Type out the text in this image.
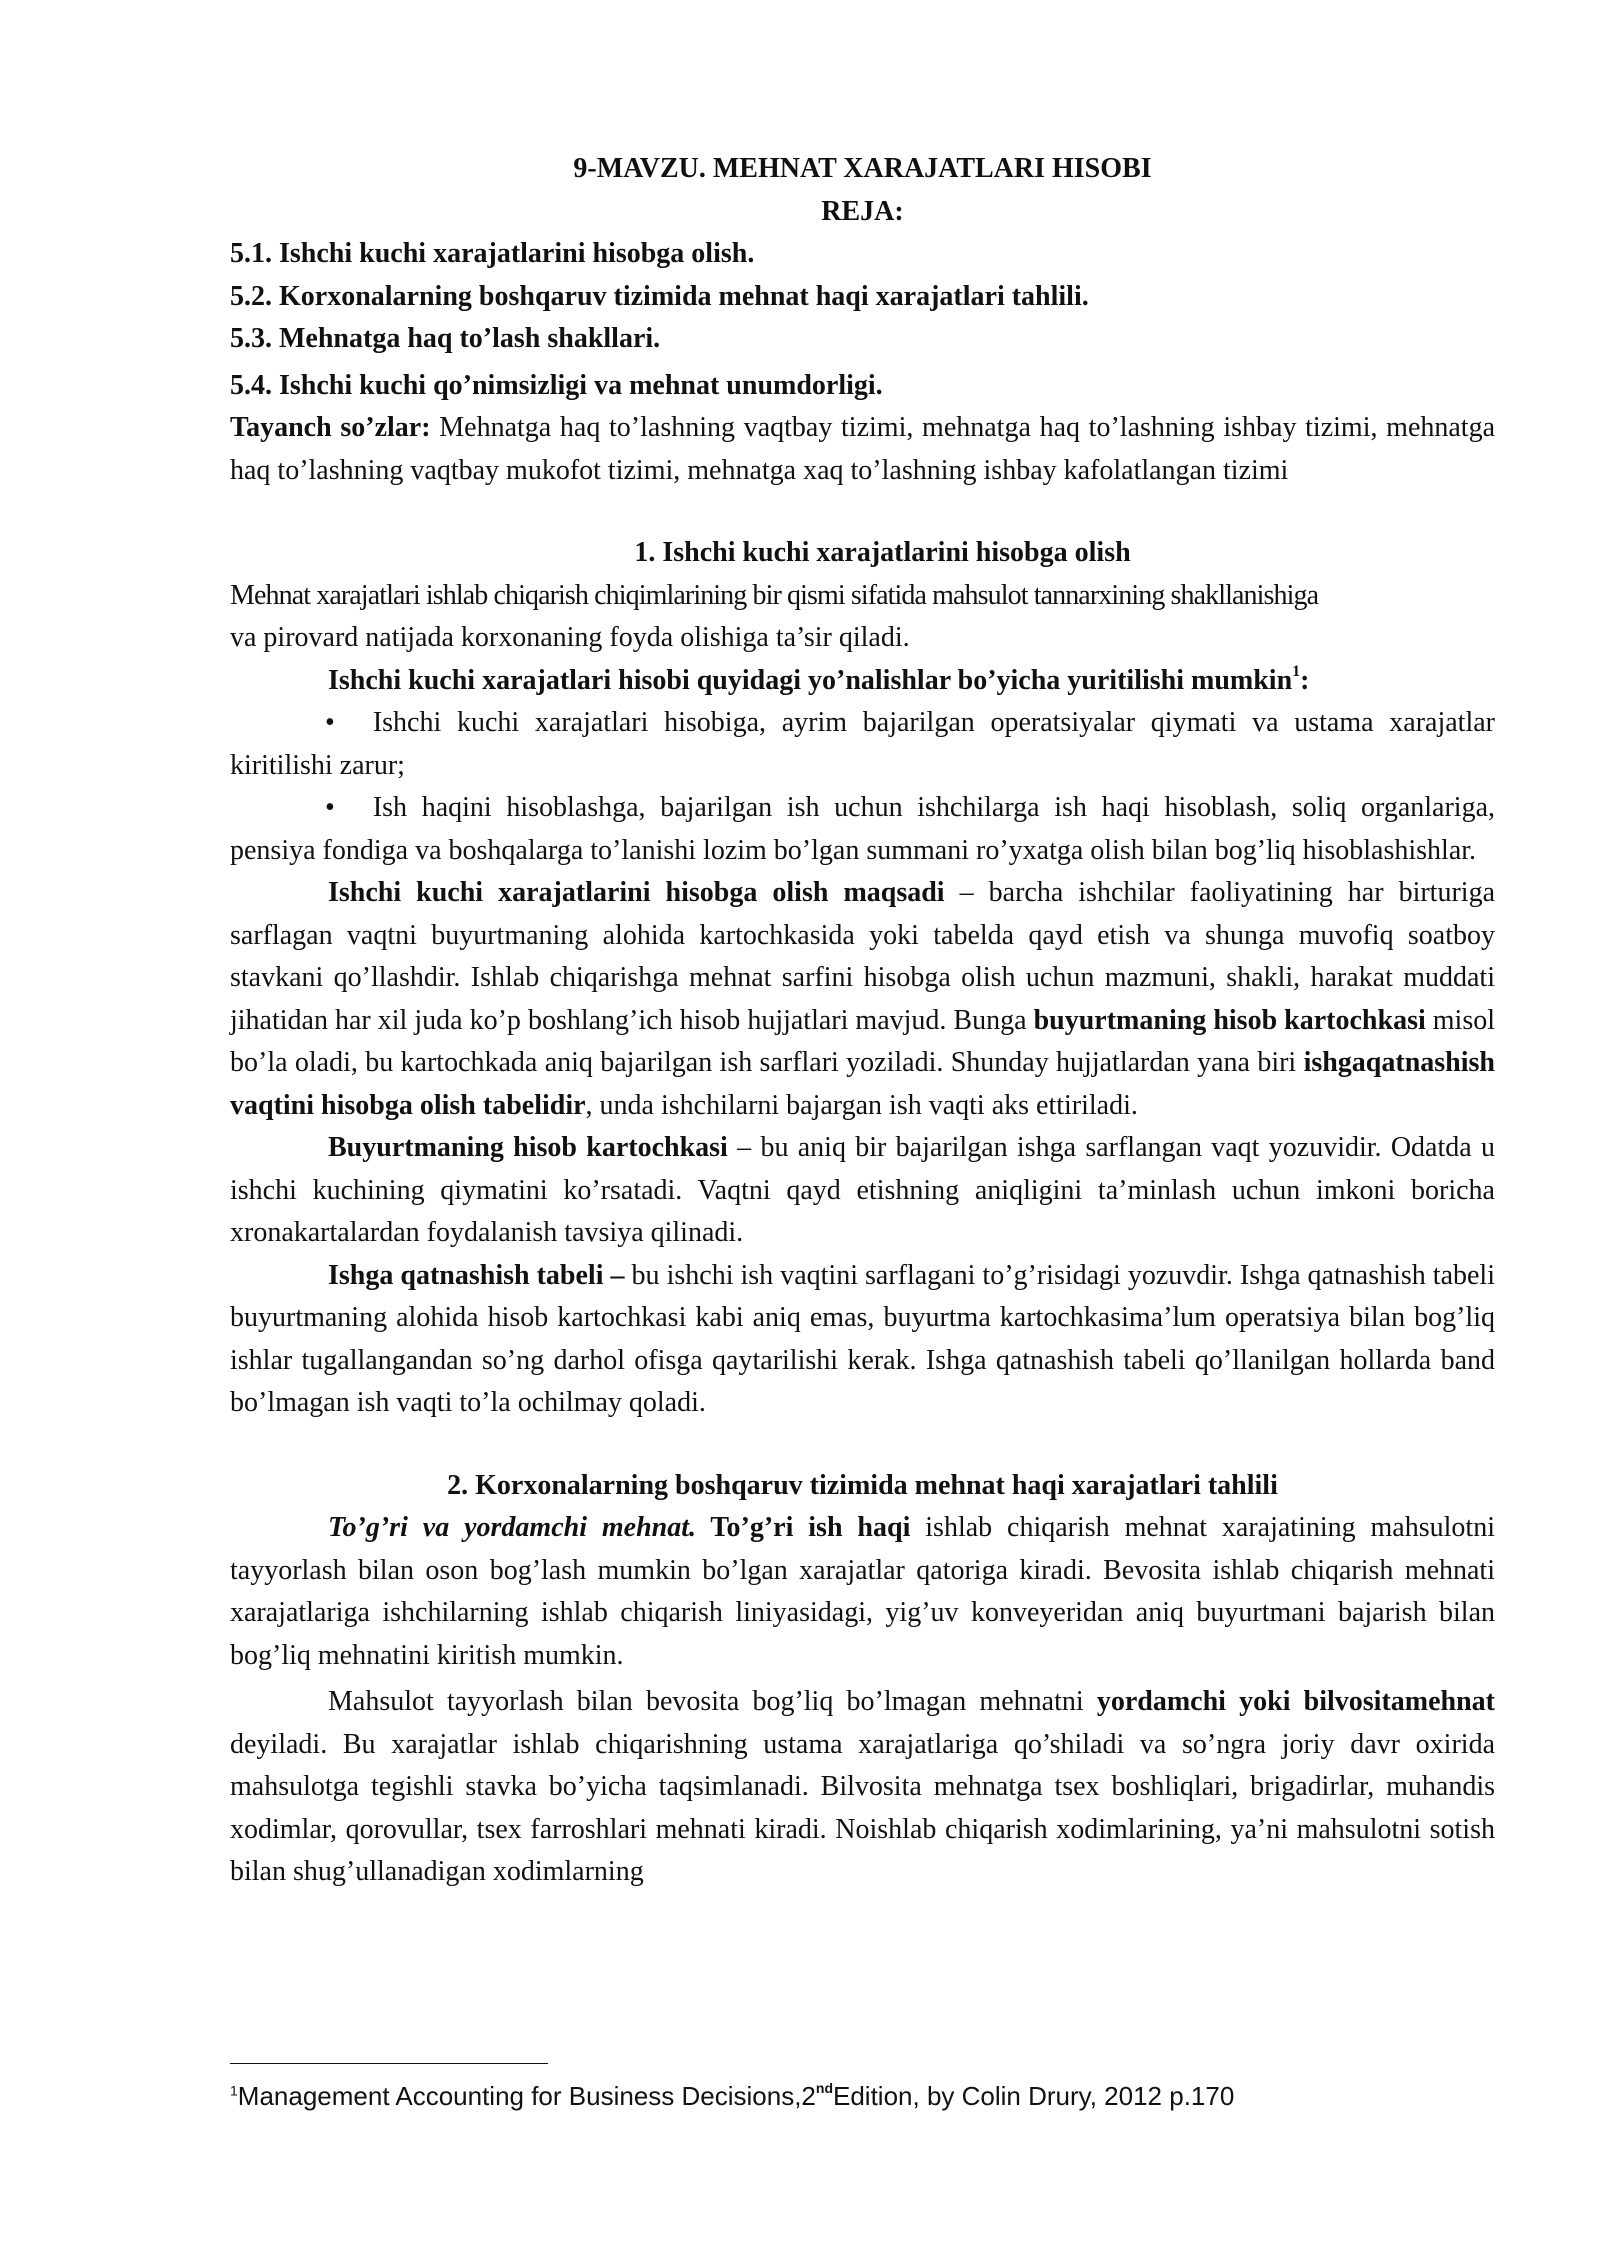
9-MAVZU. MEHNAT XARAJATLARI HISOBI
REJA:
5.1. Ishchi kuchi xarajatlarini hisobga olish.
5.2. Korxonalarning boshqaruv tizimida mehnat haqi xarajatlari tahlili.
5.3. Mehnatga haq to’lash shakllari.
5.4. Ishchi kuchi qo’nimsizligi va mehnat unumdorligi.

Tayanch so’zlar: Mehnatga haq to’lashning vaqtbay tizimi, mehnatga haq to’lashning ishbay tizimi, mehnatga haq to’lashning vaqtbay mukofot tizimi, mehnatga xaq to’lashning ishbay kafolatlangan tizimi

1. Ishchi kuchi xarajatlarini hisobga olish
Mehnat xarajatlari ishlab chiqarish chiqimlarining bir qismi sifatida mahsulot tannarxining shakllanishiga
va pirovard natijada korxonaning foyda olishiga ta’sir qiladi.

Ishchi kuchi xarajatlari hisobi quyidagi yo’nalishlar bo’yicha yuritilishi mumkin$^1$:

• Ishchi kuchi xarajatlari hisobiga, ayrim bajarilgan operatsiyalar qiymati va ustama xarajatlar kiritilishi zarur;

• Ish haqini hisoblashga, bajarilgan ish uchun ishchilarga ish haqi hisoblash, soliq organlariga, pensiya fondiga va boshqalarga to’lanishi lozim bo’lgan summani ro’yxatga olish bilan bog’liq hisoblashishlar.

Ishchi kuchi xarajatlarini hisobga olish maqsadi – barcha ishchilar faoliyatining har birturiga sarflagan vaqtni buyurtmaning alohida kartochkasida yoki tabelda qayd etish va shunga muvofiq soatboy stavkani qo’llashdir. Ishlab chiqarishga mehnat sarfini hisobga olish uchun mazmuni, shakli, harakat muddati jihatidan har xil juda ko’p boshlang’ich hisob hujjatlari mavjud. Bunga buyurtmaning hisob kartochkasi misol bo’la oladi, bu kartochkada aniq bajarilgan ish sarflari yoziladi. Shunday hujjatlardan yana biri ishgaqatnashish vaqtini hisobga olish tabelidir, unda ishchilarni bajargan ish vaqti aks ettiriladi.

Buyurtmaning hisob kartochkasi – bu aniq bir bajarilgan ishga sarflangan vaqt yozuvidir. Odatda u ishchi kuchining qiymatini ko’rsatadi. Vaqtni qayd etishning aniqligini ta’minlash uchun imkoni boricha xronakartalardan foydalanish tavsiya qilinadi.

Ishga qatnashish tabeli – bu ishchi ish vaqtini sarflagani to’g’risidagi yozuvdir. Ishga qatnashish tabeli buyurtmaning alohida hisob kartochkasi kabi aniq emas, buyurtma kartochkasima’lum operatsiya bilan bog’liq ishlar tugallangandan so’ng darhol ofisga qaytarilishi kerak. Ishga qatnashish tabeli qo’llanilgan hollarda band bo’lmagan ish vaqti to’la ochilmay qoladi.

2. Korxonalarning boshqaruv tizimida mehnat haqi xarajatlari tahlili

To’g’ri va yordamchi mehnat. To’g’ri ish haqi ishlab chiqarish mehnat xarajatining mahsulotni tayyorlash bilan oson bog’lash mumkin bo’lgan xarajatlar qatoriga kiradi. Bevosita ishlab chiqarish mehnati xarajatlariga ishchilarning ishlab chiqarish liniyasidagi, yig’uv konveyeridan aniq buyurtmani bajarish bilan bog’liq mehnatini kiritish mumkin.

Mahsulot tayyorlash bilan bevosita bog’liq bo’lmagan mehnatni yordamchi yoki bilvositamehnat deyiladi. Bu xarajatlar ishlab chiqarishning ustama xarajatlariga qo’shiladi va so’ngra joriy davr oxirida mahsulotga tegishli stavka bo’yicha taqsimlanadi. Bilvosita mehnatga tsex boshliqlari, brigadirlar, muhandis xodimlar, qorovullar, tsex farroshlari mehnati kiradi. Noishlab chiqarish xodimlarining, ya’ni mahsulotni sotish bilan shug’ullanadigan xodimlarning

$^1$Management Accounting for Business Decisions,2ndEdition, by Colin Drury, 2012 p.170
